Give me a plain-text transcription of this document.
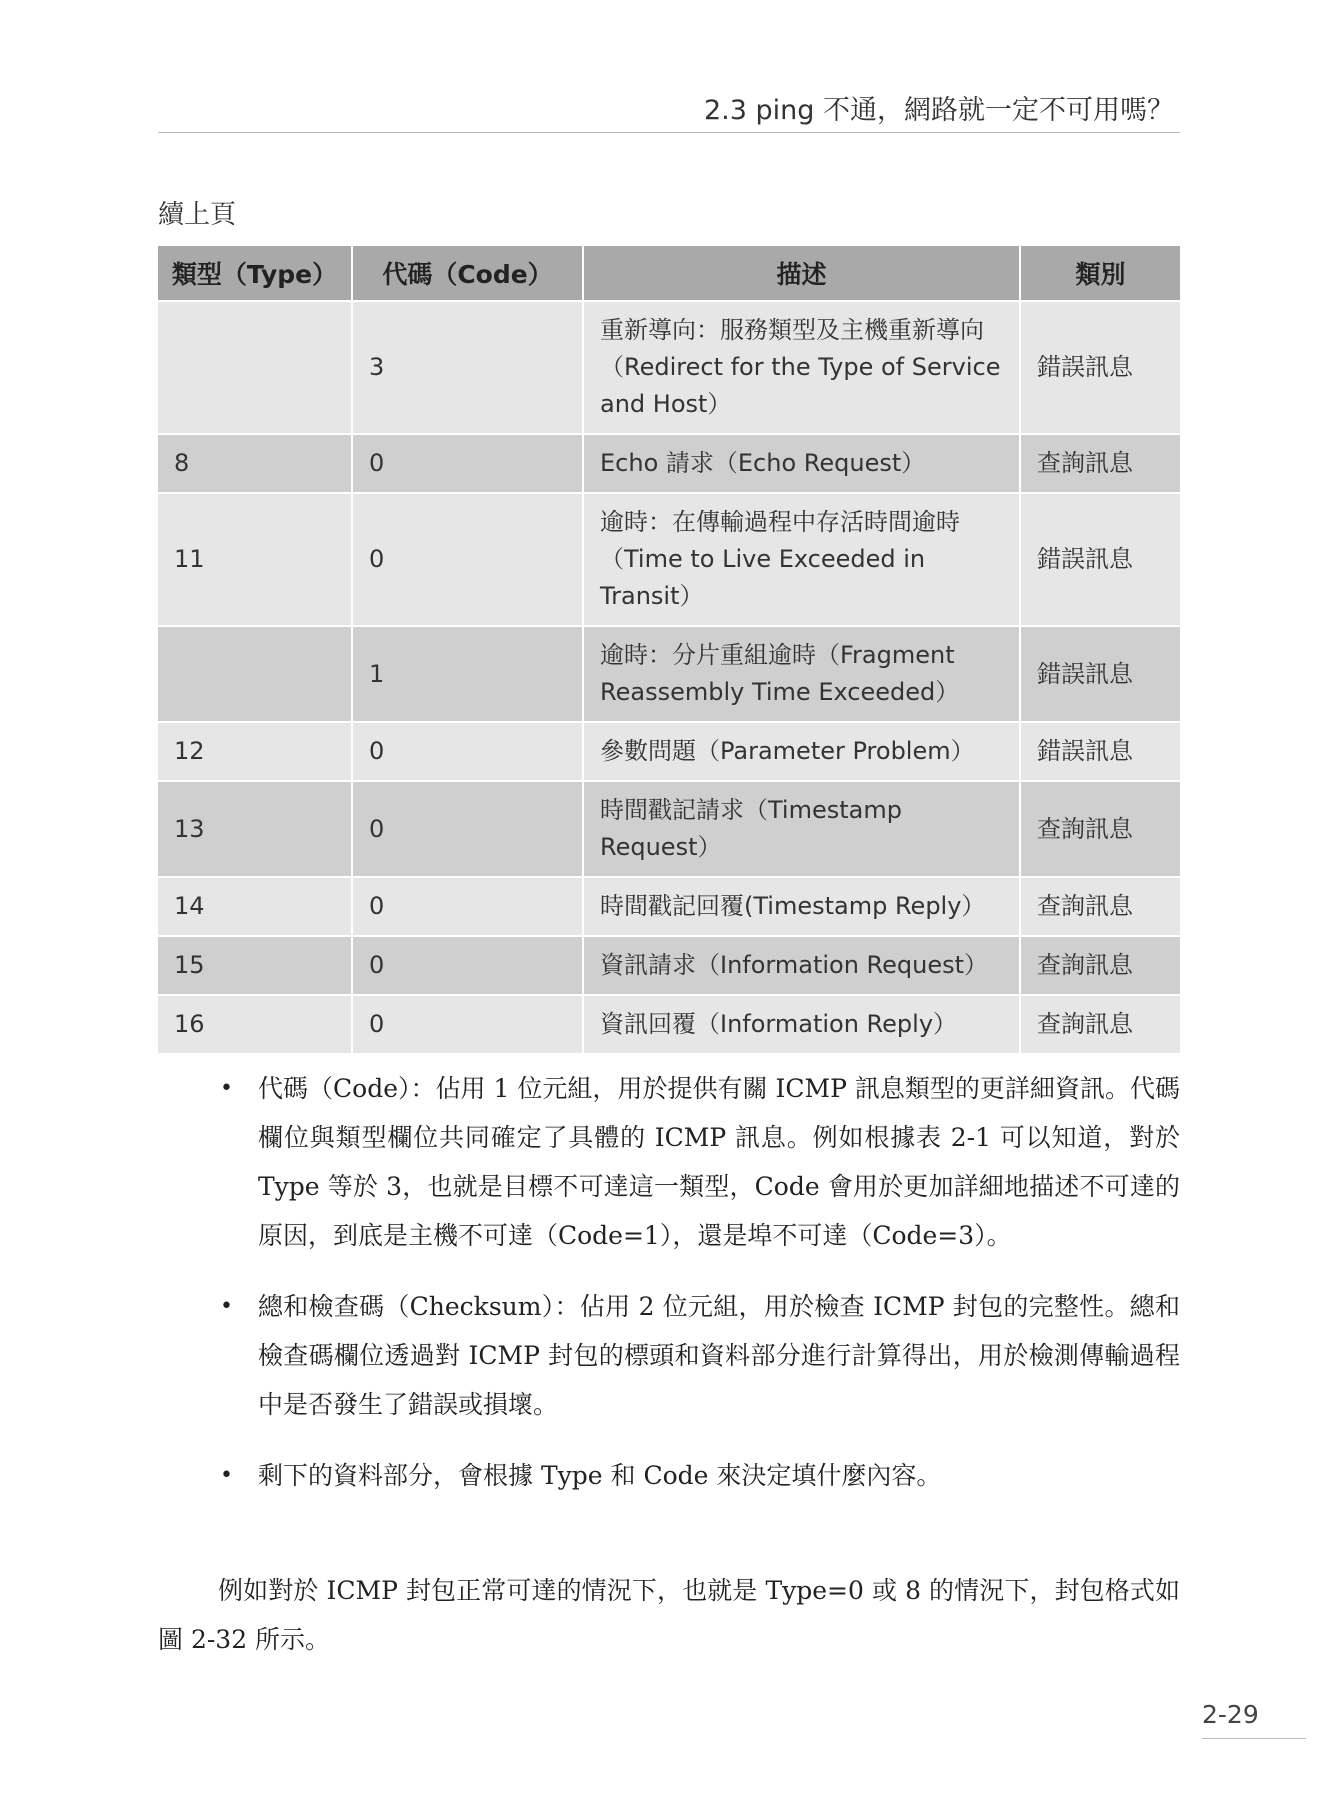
2.3 ping 不通，網路就一定不可用嗎？
續上頁
類型（Type）	代碼（Code）	描述	類別
	3	重新導向：服務類型及主機重新導向（Redirect for the Type of Service and Host）	錯誤訊息
8	0	Echo 請求（Echo Request）	查詢訊息
11	0	逾時：在傳輸過程中存活時間逾時（Time to Live Exceeded in Transit）	錯誤訊息
	1	逾時：分片重組逾時（Fragment Reassembly Time Exceeded）	錯誤訊息
12	0	參數問題（Parameter Problem）	錯誤訊息
13	0	時間戳記請求（Timestamp Request）	查詢訊息
14	0	時間戳記回覆(Timestamp Reply）	查詢訊息
15	0	資訊請求（Information Request）	查詢訊息
16	0	資訊回覆（Information Reply）	查詢訊息
• 代碼（Code）：佔用 1 位元組，用於提供有關 ICMP 訊息類型的更詳細資訊。代碼欄位與類型欄位共同確定了具體的 ICMP 訊息。例如根據表 2-1 可以知道，對於 Type 等於 3，也就是目標不可達這一類型，Code 會用於更加詳細地描述不可達的原因，到底是主機不可達（Code=1），還是埠不可達（Code=3）。
• 總和檢查碼（Checksum）：佔用 2 位元組，用於檢查 ICMP 封包的完整性。總和檢查碼欄位透過對 ICMP 封包的標頭和資料部分進行計算得出，用於檢測傳輸過程中是否發生了錯誤或損壞。
• 剩下的資料部分，會根據 Type 和 Code 來決定填什麼內容。
例如對於 ICMP 封包正常可達的情況下，也就是 Type=0 或 8 的情況下，封包格式如圖 2-32 所示。
2-29
